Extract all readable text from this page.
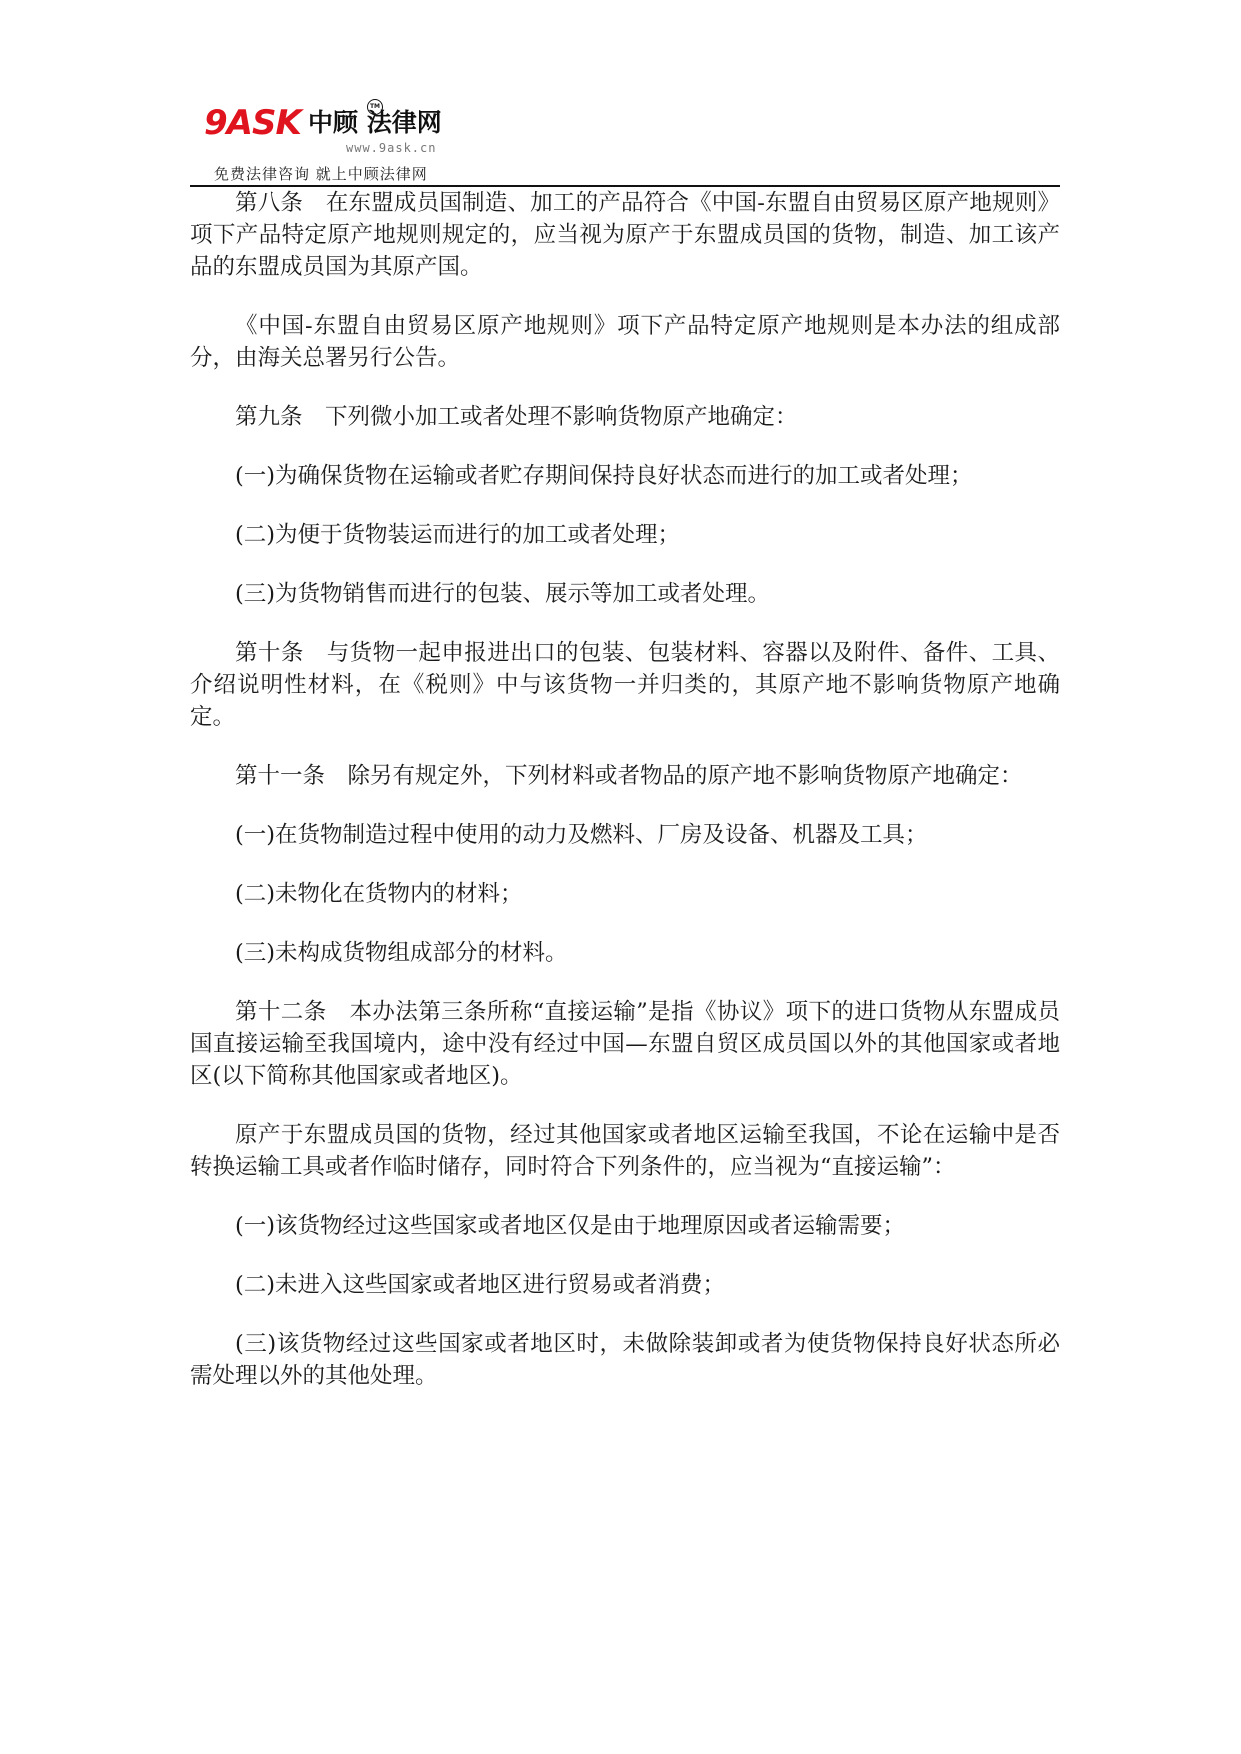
9ASK 中顾 法律网
TM
www.9ask.cn
免费法律咨询 就上中顾法律网

第八条　在东盟成员国制造、加工的产品符合《中国-东盟自由贸易区原产地规则》项下产品特定原产地规则规定的，应当视为原产于东盟成员国的货物，制造、加工该产品的东盟成员国为其原产国。

《中国-东盟自由贸易区原产地规则》项下产品特定原产地规则是本办法的组成部分，由海关总署另行公告。

第九条　下列微小加工或者处理不影响货物原产地确定：

(一)为确保货物在运输或者贮存期间保持良好状态而进行的加工或者处理；

(二)为便于货物装运而进行的加工或者处理；

(三)为货物销售而进行的包装、展示等加工或者处理。

第十条　与货物一起申报进出口的包装、包装材料、容器以及附件、备件、工具、介绍说明性材料，在《税则》中与该货物一并归类的，其原产地不影响货物原产地确定。

第十一条　除另有规定外，下列材料或者物品的原产地不影响货物原产地确定：

(一)在货物制造过程中使用的动力及燃料、厂房及设备、机器及工具；

(二)未物化在货物内的材料；

(三)未构成货物组成部分的材料。

第十二条　本办法第三条所称“直接运输”是指《协议》项下的进口货物从东盟成员国直接运输至我国境内，途中没有经过中国—东盟自贸区成员国以外的其他国家或者地区(以下简称其他国家或者地区)。

原产于东盟成员国的货物，经过其他国家或者地区运输至我国，不论在运输中是否转换运输工具或者作临时储存，同时符合下列条件的，应当视为“直接运输”：

(一)该货物经过这些国家或者地区仅是由于地理原因或者运输需要；

(二)未进入这些国家或者地区进行贸易或者消费；

(三)该货物经过这些国家或者地区时，未做除装卸或者为使货物保持良好状态所必需处理以外的其他处理。
